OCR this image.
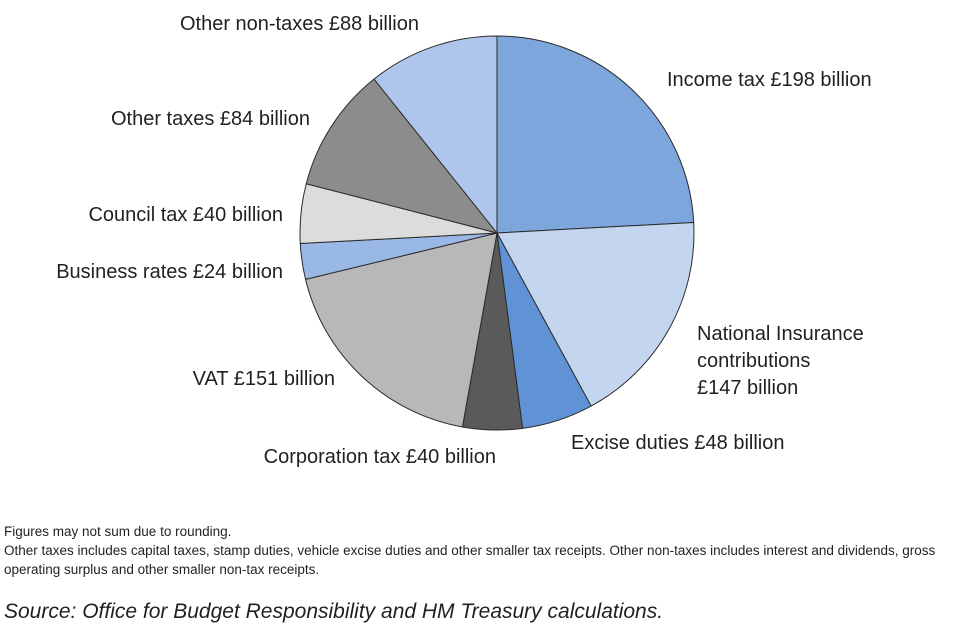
Income tax £198 billion
National Insurance contributions £147 billion
Excise duties £48 billion
Corporation tax £40 billion
VAT £151 billion
Business rates £24 billion
Council tax £40 billion
Other taxes £84 billion
Other non-taxes £88 billion
Figures may not sum due to rounding.
Other taxes includes capital taxes, stamp duties, vehicle excise duties and other smaller tax receipts. Other non-taxes includes interest and dividends, gross operating surplus and other smaller non-tax receipts.
Source: Office for Budget Responsibility and HM Treasury calculations.
